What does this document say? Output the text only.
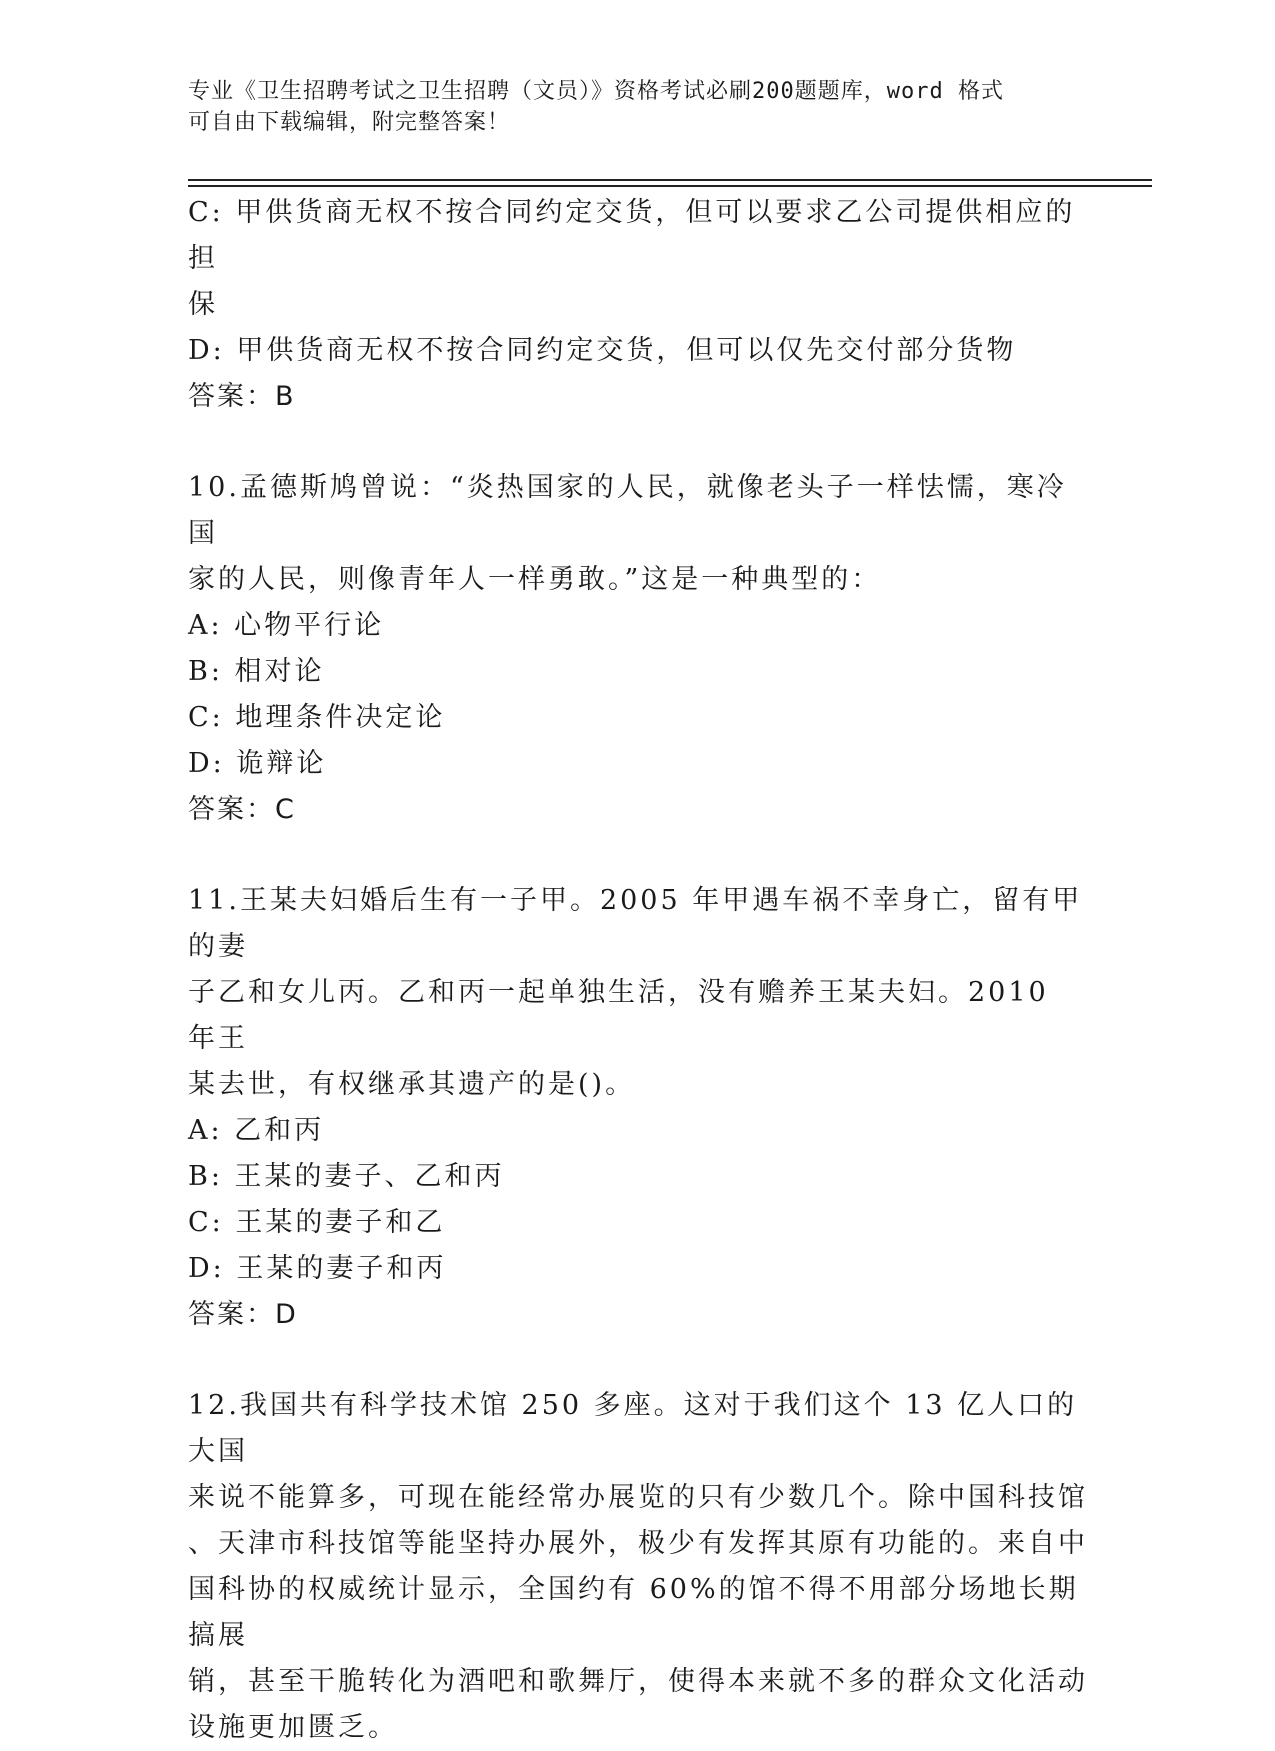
专业《卫生招聘考试之卫生招聘（文员）》资格考试必刷200题题库，word 格式
可自由下载编辑，附完整答案！

C: 甲供货商无权不按合同约定交货，但可以要求乙公司提供相应的担

保

D: 甲供货商无权不按合同约定交货，但可以仅先交付部分货物

答案：B

10.孟德斯鸠曾说：“炎热国家的人民，就像老头子一样怯懦，寒冷国

家的人民，则像青年人一样勇敢。”这是一种典型的：

A: 心物平行论

B: 相对论

C: 地理条件决定论

D: 诡辩论

答案：C

11.王某夫妇婚后生有一子甲。2005 年甲遇车祸不幸身亡，留有甲的妻

子乙和女儿丙。乙和丙一起单独生活，没有赡养王某夫妇。2010 年王

某去世，有权继承其遗产的是()。

A: 乙和丙

B: 王某的妻子、乙和丙

C: 王某的妻子和乙

D: 王某的妻子和丙

答案：D

12.我国共有科学技术馆 250 多座。这对于我们这个 13 亿人口的大国

来说不能算多，可现在能经常办展览的只有少数几个。除中国科技馆

、天津市科技馆等能坚持办展外，极少有发挥其原有功能的。来自中

国科协的权威统计显示，全国约有 60%的馆不得不用部分场地长期搞展

销，甚至干脆转化为酒吧和歌舞厅，使得本来就不多的群众文化活动

设施更加匮乏。
